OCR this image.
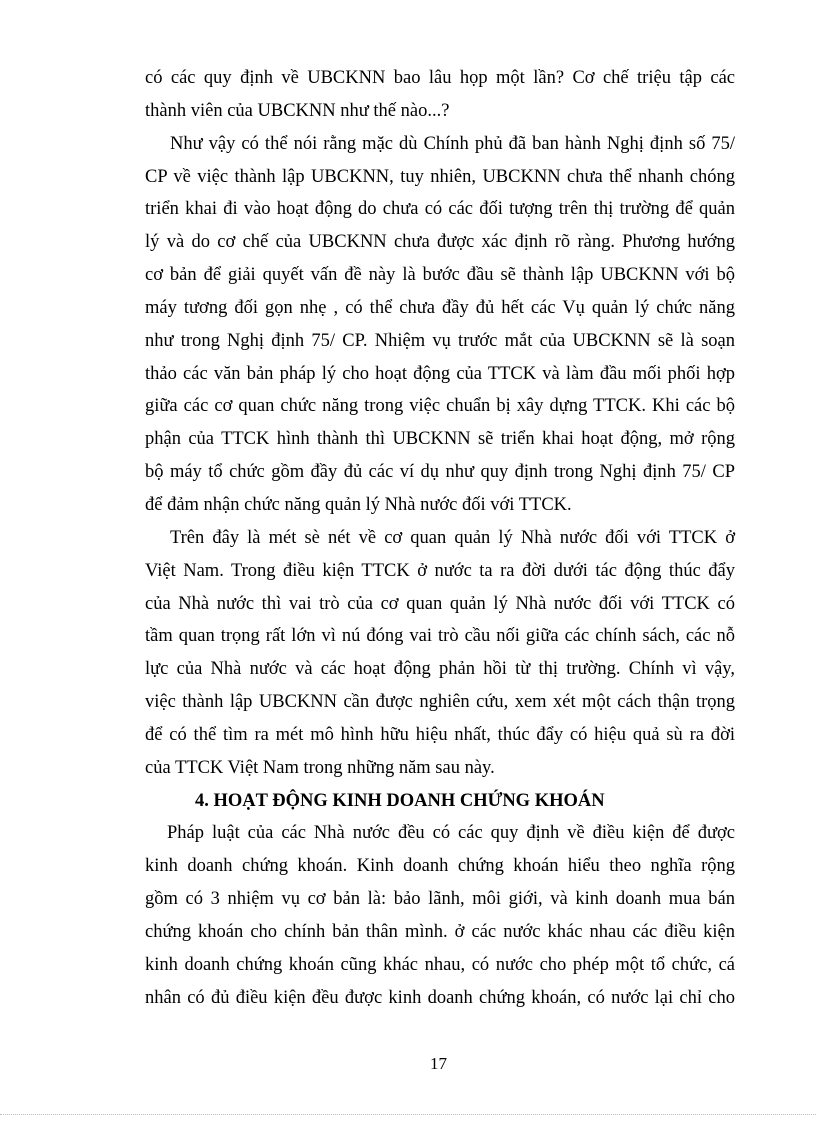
có các quy định về UBCKNN bao lâu họp một lần? Cơ chế triệu tập các
thành viên của UBCKNN như thế nào...?
Như vậy có thể nói rằng mặc dù Chính phủ đã ban hành Nghị định số 75/
CP về việc thành lập UBCKNN, tuy nhiên, UBCKNN chưa thể nhanh chóng
triển khai đi vào hoạt động do chưa có các đối tượng trên thị trường để quản
lý và do cơ chế của UBCKNN chưa được xác định rõ ràng. Phương hướng
cơ bản để giải quyết vấn đề này là bước đầu sẽ thành lập UBCKNN với bộ
máy tương đối gọn nhẹ , có thể chưa đầy đủ hết các Vụ quản lý chức năng
như trong Nghị định 75/ CP. Nhiệm vụ trước mắt của UBCKNN sẽ là soạn
thảo các văn bản pháp lý cho hoạt động của TTCK và làm đầu mối phối hợp
giữa các cơ quan chức năng trong việc chuẩn bị xây dựng TTCK. Khi các bộ
phận của TTCK hình thành thì UBCKNN sẽ triển khai hoạt động, mở rộng
bộ máy tổ chức gồm đầy đủ các ví dụ như quy định trong Nghị định 75/ CP
để đảm nhận chức năng quản lý Nhà nước đối với TTCK.
Trên đây là mét sè nét về cơ quan quản lý Nhà nước đối với TTCK ở
Việt Nam. Trong điều kiện TTCK ở nước ta ra đời dưới tác động thúc đẩy
của Nhà nước thì vai trò của cơ quan quản lý Nhà nước đối với TTCK có
tầm quan trọng rất lớn vì nú đóng vai trò cầu nối giữa các chính sách, các nỗ
lực của Nhà nước và các hoạt động phản hồi từ thị trường. Chính vì vậy,
việc thành lập UBCKNN cần được nghiên cứu, xem xét một cách thận trọng
để có thể tìm ra mét mô hình hữu hiệu nhất, thúc đẩy có hiệu quả sù ra đời
của TTCK Việt Nam trong những năm sau này.
4. HOẠT ĐỘNG KINH DOANH CHỨNG KHOÁN
Pháp luật của các Nhà nước đều có các quy định về điều kiện để được
kinh doanh chứng khoán. Kinh doanh chứng khoán hiểu theo nghĩa rộng
gồm có 3 nhiệm vụ cơ bản là: bảo lãnh, môi giới, và kinh doanh mua bán
chứng khoán cho chính bản thân mình. ở các nước khác nhau các điều kiện
kinh doanh chứng khoán cũng khác nhau, có nước cho phép một tổ chức, cá
nhân có đủ điều kiện đều được kinh doanh chứng khoán, có nước lại chỉ cho
17
